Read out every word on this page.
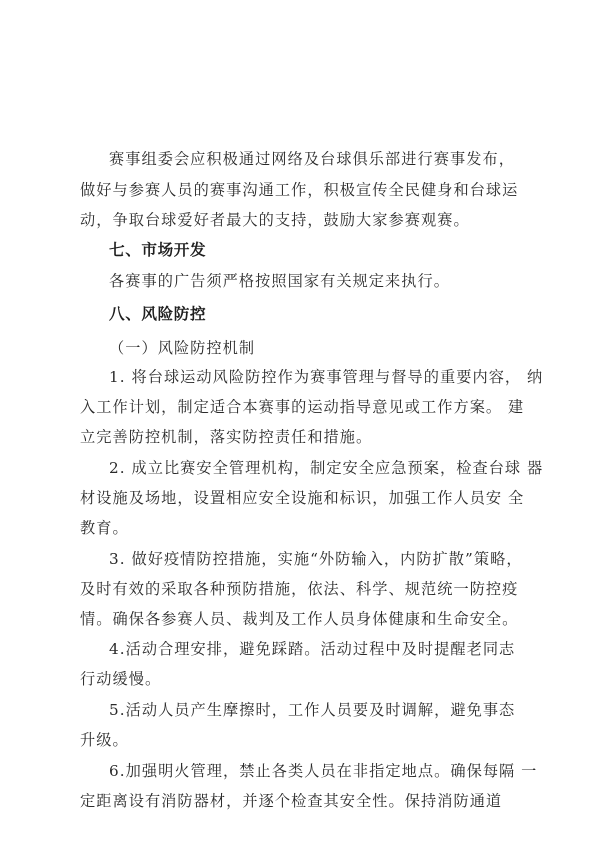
赛事组委会应积极通过网络及台球俱乐部进行赛事发布，
做好与参赛人员的赛事沟通工作，积极宣传全民健身和台球运
动，争取台球爱好者最大的支持，鼓励大家参赛观赛。
七、市场开发
各赛事的广告须严格按照国家有关规定来执行。
八、风险防控
（一）风险防控机制
1. 将台球运动风险防控作为赛事管理与督导的重要内容， 纳
入工作计划，制定适合本赛事的运动指导意见或工作方案。 建
立完善防控机制，落实防控责任和措施。
2. 成立比赛安全管理机构，制定安全应急预案，检查台球 器
材设施及场地，设置相应安全设施和标识，加强工作人员安 全
教育。
3. 做好疫情防控措施，实施“外防输入，内防扩散”策略，
及时有效的采取各种预防措施，依法、科学、规范统一防控疫
情。确保各参赛人员、裁判及工作人员身体健康和生命安全。
4.活动合理安排，避免踩踏。活动过程中及时提醒老同志
行动缓慢。
5.活动人员产生摩擦时，工作人员要及时调解，避免事态
升级。
6.加强明火管理，禁止各类人员在非指定地点。确保每隔 一
定距离设有消防器材，并逐个检查其安全性。保持消防通道
